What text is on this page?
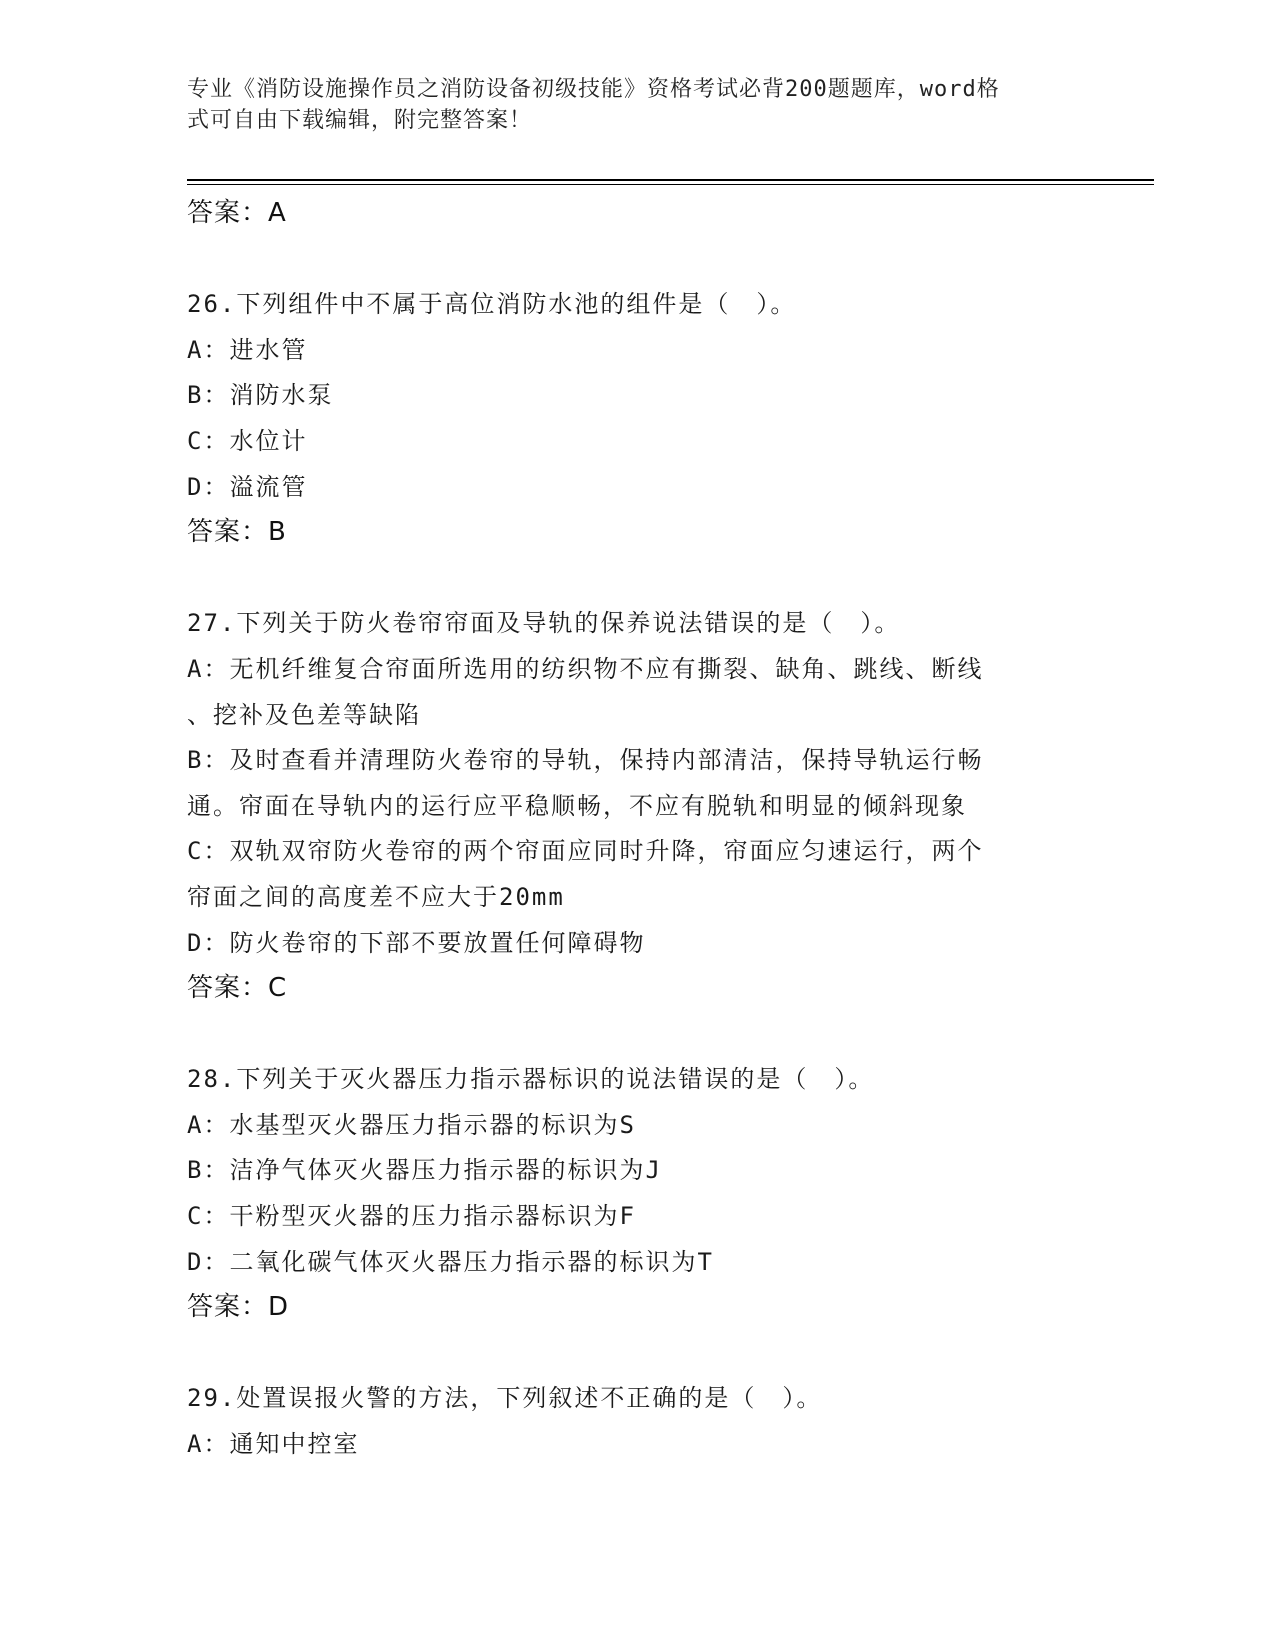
专业《消防设施操作员之消防设备初级技能》资格考试必背200题题库，word格
式可自由下载编辑，附完整答案！
答案：A
26.下列组件中不属于高位消防水池的组件是（　）。
A：进水管
B：消防水泵
C：水位计
D：溢流管
答案：B
27.下列关于防火卷帘帘面及导轨的保养说法错误的是（　）。
A：无机纤维复合帘面所选用的纺织物不应有撕裂、缺角、跳线、断线
、挖补及色差等缺陷
B：及时查看并清理防火卷帘的导轨，保持内部清洁，保持导轨运行畅
通。帘面在导轨内的运行应平稳顺畅，不应有脱轨和明显的倾斜现象
C：双轨双帘防火卷帘的两个帘面应同时升降，帘面应匀速运行，两个
帘面之间的高度差不应大于20mm
D：防火卷帘的下部不要放置任何障碍物
答案：C
28.下列关于灭火器压力指示器标识的说法错误的是（　）。
A：水基型灭火器压力指示器的标识为S
B：洁净气体灭火器压力指示器的标识为J
C：干粉型灭火器的压力指示器标识为F
D：二氧化碳气体灭火器压力指示器的标识为T
答案：D
29.处置误报火警的方法，下列叙述不正确的是（　）。
A：通知中控室
